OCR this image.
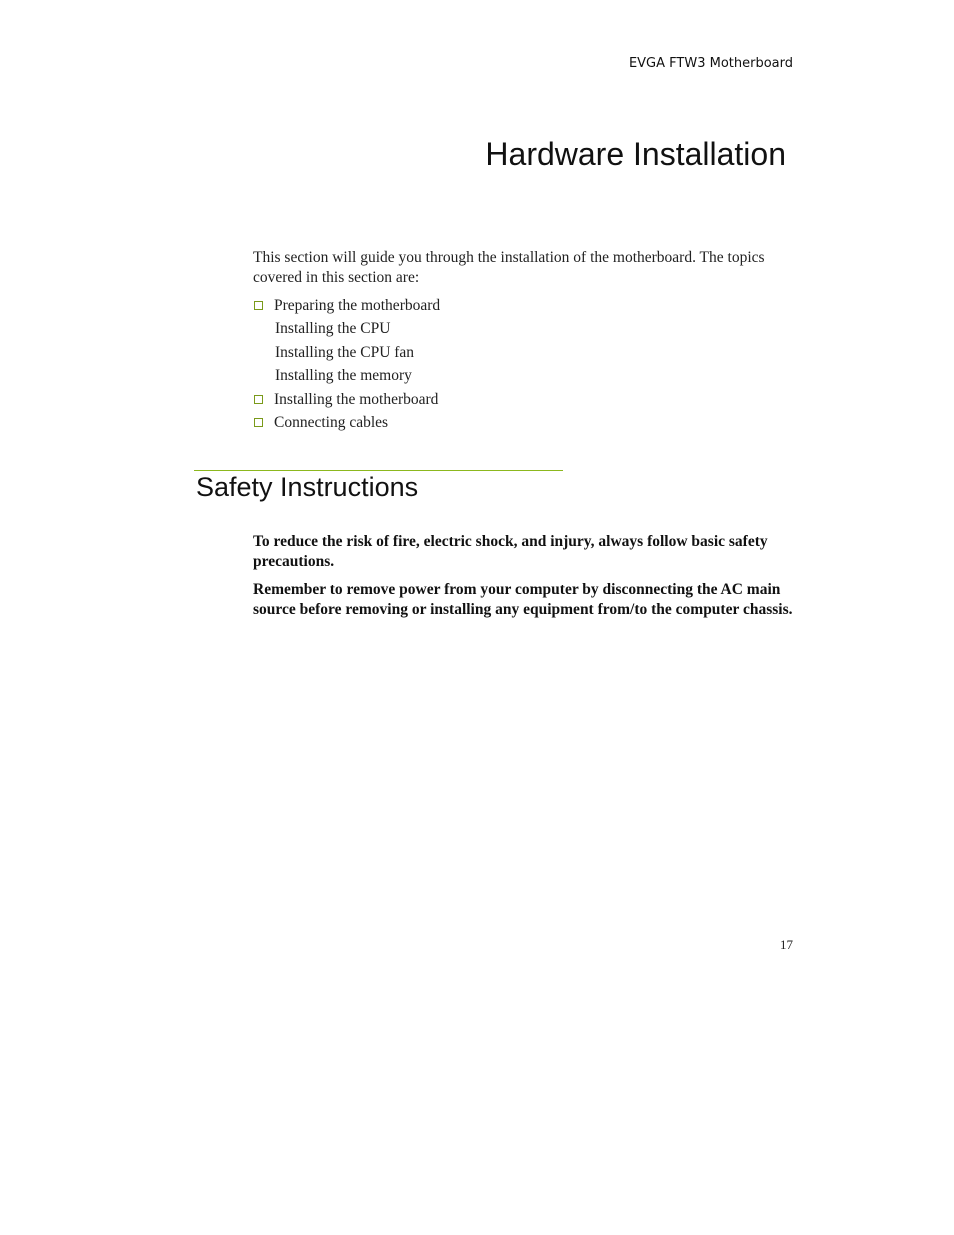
EVGA FTW3 Motherboard
Hardware Installation

This section will guide you through the installation of the motherboard. The topics covered in this section are:

Preparing the motherboard
Installing the CPU
Installing the CPU fan
Installing the memory
Installing the motherboard
Connecting cables
Safety Instructions

To reduce the risk of fire, electric shock, and injury, always follow basic safety precautions.

Remember to remove power from your computer by disconnecting the AC main source before removing or installing any equipment from/to the computer chassis.

17
